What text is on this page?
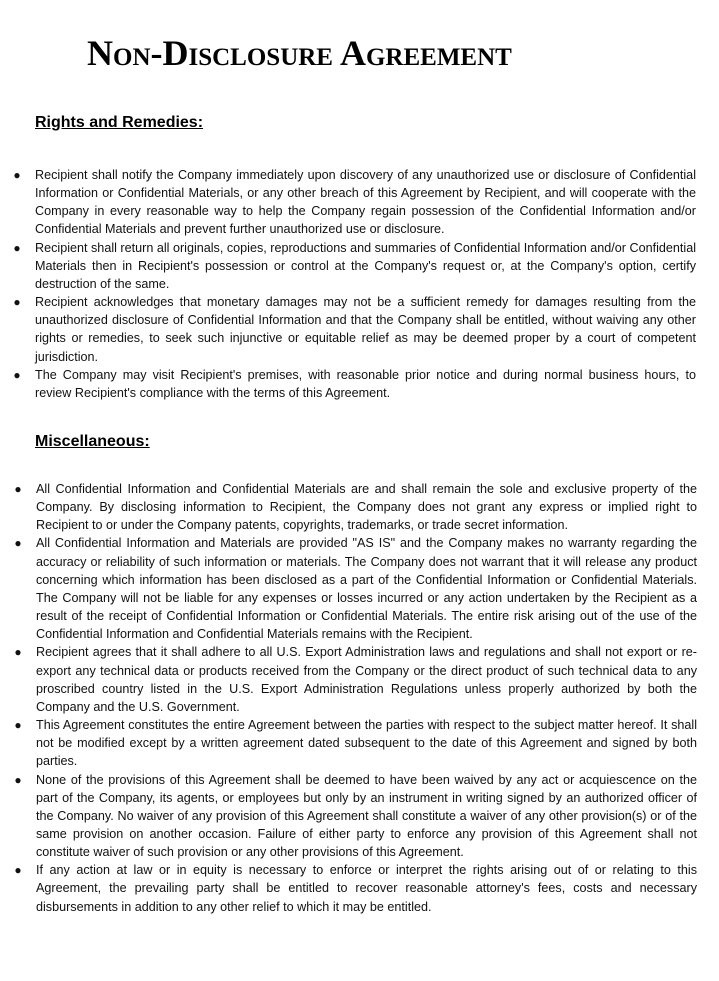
Non-Disclosure Agreement
Rights and Remedies:
● Recipient shall notify the Company immediately upon discovery of any unauthorized use or disclosure of Confidential Information or Confidential Materials, or any other breach of this Agreement by Recipient, and will cooperate with the Company in every reasonable way to help the Company regain possession of the Confidential Information and/or Confidential Materials and prevent further unauthorized use or disclosure.
● Recipient shall return all originals, copies, reproductions and summaries of Confidential Information and/or Confidential Materials then in Recipient's possession or control at the Company's request or, at the Company's option, certify destruction of the same.
● Recipient acknowledges that monetary damages may not be a sufficient remedy for damages resulting from the unauthorized disclosure of Confidential Information and that the Company shall be entitled, without waiving any other rights or remedies, to seek such injunctive or equitable relief as may be deemed proper by a court of competent jurisdiction.
● The Company may visit Recipient's premises, with reasonable prior notice and during normal business hours, to review Recipient's compliance with the terms of this Agreement.
Miscellaneous:
● All Confidential Information and Confidential Materials are and shall remain the sole and exclusive property of the Company. By disclosing information to Recipient, the Company does not grant any express or implied right to Recipient to or under the Company patents, copyrights, trademarks, or trade secret information.
● All Confidential Information and Materials are provided "AS IS" and the Company makes no warranty regarding the accuracy or reliability of such information or materials. The Company does not warrant that it will release any product concerning which information has been disclosed as a part of the Confidential Information or Confidential Materials. The Company will not be liable for any expenses or losses incurred or any action undertaken by the Recipient as a result of the receipt of Confidential Information or Confidential Materials. The entire risk arising out of the use of the Confidential Information and Confidential Materials remains with the Recipient.
● Recipient agrees that it shall adhere to all U.S. Export Administration laws and regulations and shall not export or re-export any technical data or products received from the Company or the direct product of such technical data to any proscribed country listed in the U.S. Export Administration Regulations unless properly authorized by both the Company and the U.S. Government.
● This Agreement constitutes the entire Agreement between the parties with respect to the subject matter hereof. It shall not be modified except by a written agreement dated subsequent to the date of this Agreement and signed by both parties.
● None of the provisions of this Agreement shall be deemed to have been waived by any act or acquiescence on the part of the Company, its agents, or employees but only by an instrument in writing signed by an authorized officer of the Company. No waiver of any provision of this Agreement shall constitute a waiver of any other provision(s) or of the same provision on another occasion. Failure of either party to enforce any provision of this Agreement shall not constitute waiver of such provision or any other provisions of this Agreement.
● If any action at law or in equity is necessary to enforce or interpret the rights arising out of or relating to this Agreement, the prevailing party shall be entitled to recover reasonable attorney's fees, costs and necessary disbursements in addition to any other relief to which it may be entitled.
